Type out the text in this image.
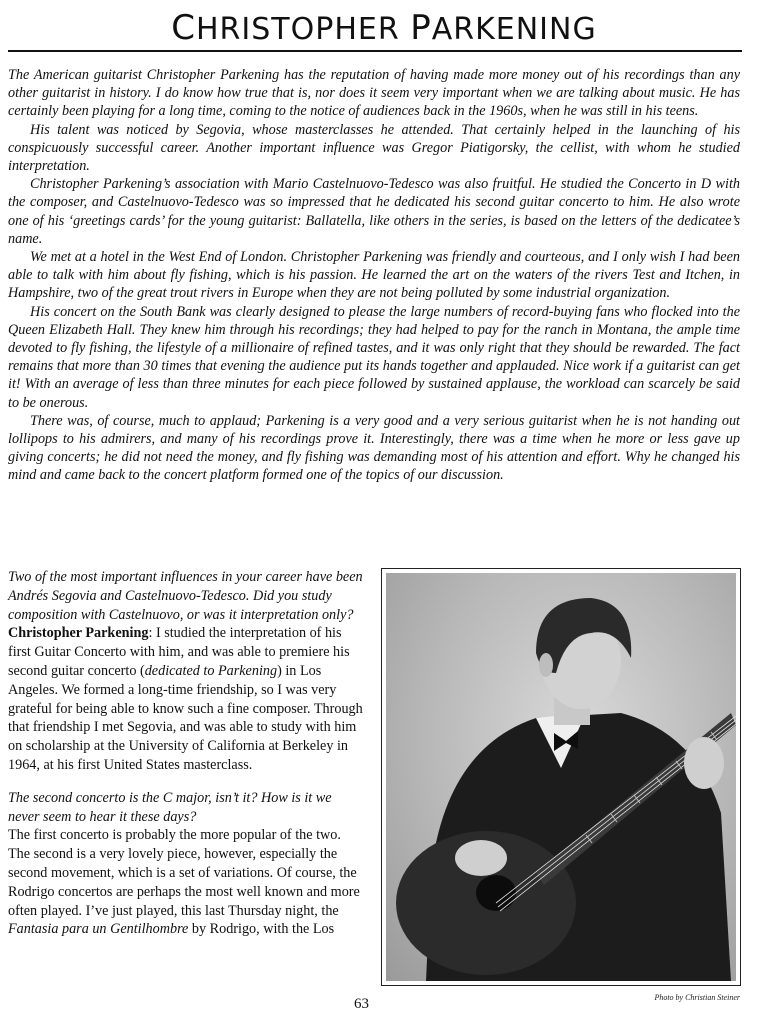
CHRISTOPHER PARKENING

The American guitarist Christopher Parkening has the reputation of having made more money out of his recordings than any other guitarist in history. I do know how true that is, nor does it seem very important when we are talking about music. He has certainly been playing for a long time, coming to the notice of audiences back in the 1960s, when he was still in his teens.

His talent was noticed by Segovia, whose masterclasses he attended. That certainly helped in the launching of his conspicuously successful career. Another important influence was Gregor Piatigorsky, the cellist, with whom he studied interpretation.

Christopher Parkening’s association with Mario Castelnuovo-Tedesco was also fruitful. He studied the Concerto in D with the composer, and Castelnuovo-Tedesco was so impressed that he dedicated his second guitar concerto to him. He also wrote one of his ‘greetings cards’ for the young guitarist: Ballatella, like others in the series, is based on the letters of the dedicatee’s name.

We met at a hotel in the West End of London. Christopher Parkening was friendly and courteous, and I only wish I had been able to talk with him about fly fishing, which is his passion. He learned the art on the waters of the rivers Test and Itchen, in Hampshire, two of the great trout rivers in Europe when they are not being polluted by some industrial organization.

His concert on the South Bank was clearly designed to please the large numbers of record-buying fans who flocked into the Queen Elizabeth Hall. They knew him through his recordings; they had helped to pay for the ranch in Montana, the ample time devoted to fly fishing, the lifestyle of a millionaire of refined tastes, and it was only right that they should be rewarded. The fact remains that more than 30 times that evening the audience put its hands together and applauded. Nice work if a guitarist can get it! With an average of less than three minutes for each piece followed by sustained applause, the workload can scarcely be said to be onerous.

There was, of course, much to applaud; Parkening is a very good and a very serious guitarist when he is not handing out lollipops to his admirers, and many of his recordings prove it. Interestingly, there was a time when he more or less gave up giving concerts; he did not need the money, and fly fishing was demanding most of his attention and effort. Why he changed his mind and came back to the concert platform formed one of the topics of our discussion.

Two of the most important influences in your career have been Andrés Segovia and Castelnuovo-Tedesco. Did you study composition with Castelnuovo, or was it interpretation only?

Christopher Parkening: I studied the interpretation of his first Guitar Concerto with him, and was able to premiere his second guitar concerto (dedicated to Parkening) in Los Angeles. We formed a long-time friendship, so I was very grateful for being able to know such a fine composer. Through that friendship I met Segovia, and was able to study with him on scholarship at the University of California at Berkeley in 1964, at his first United States masterclass.

The second concerto is the C major, isn’t it? How is it we never seem to hear it these days?

The first concerto is probably the more popular of the two. The second is a very lovely piece, however, especially the second movement, which is a set of variations. Of course, the Rodrigo concertos are perhaps the most well known and more often played. I’ve just played, this last Thursday night, the Fantasia para un Gentilhombre by Rodrigo, with the Los

Photo by Christian Steiner
63
